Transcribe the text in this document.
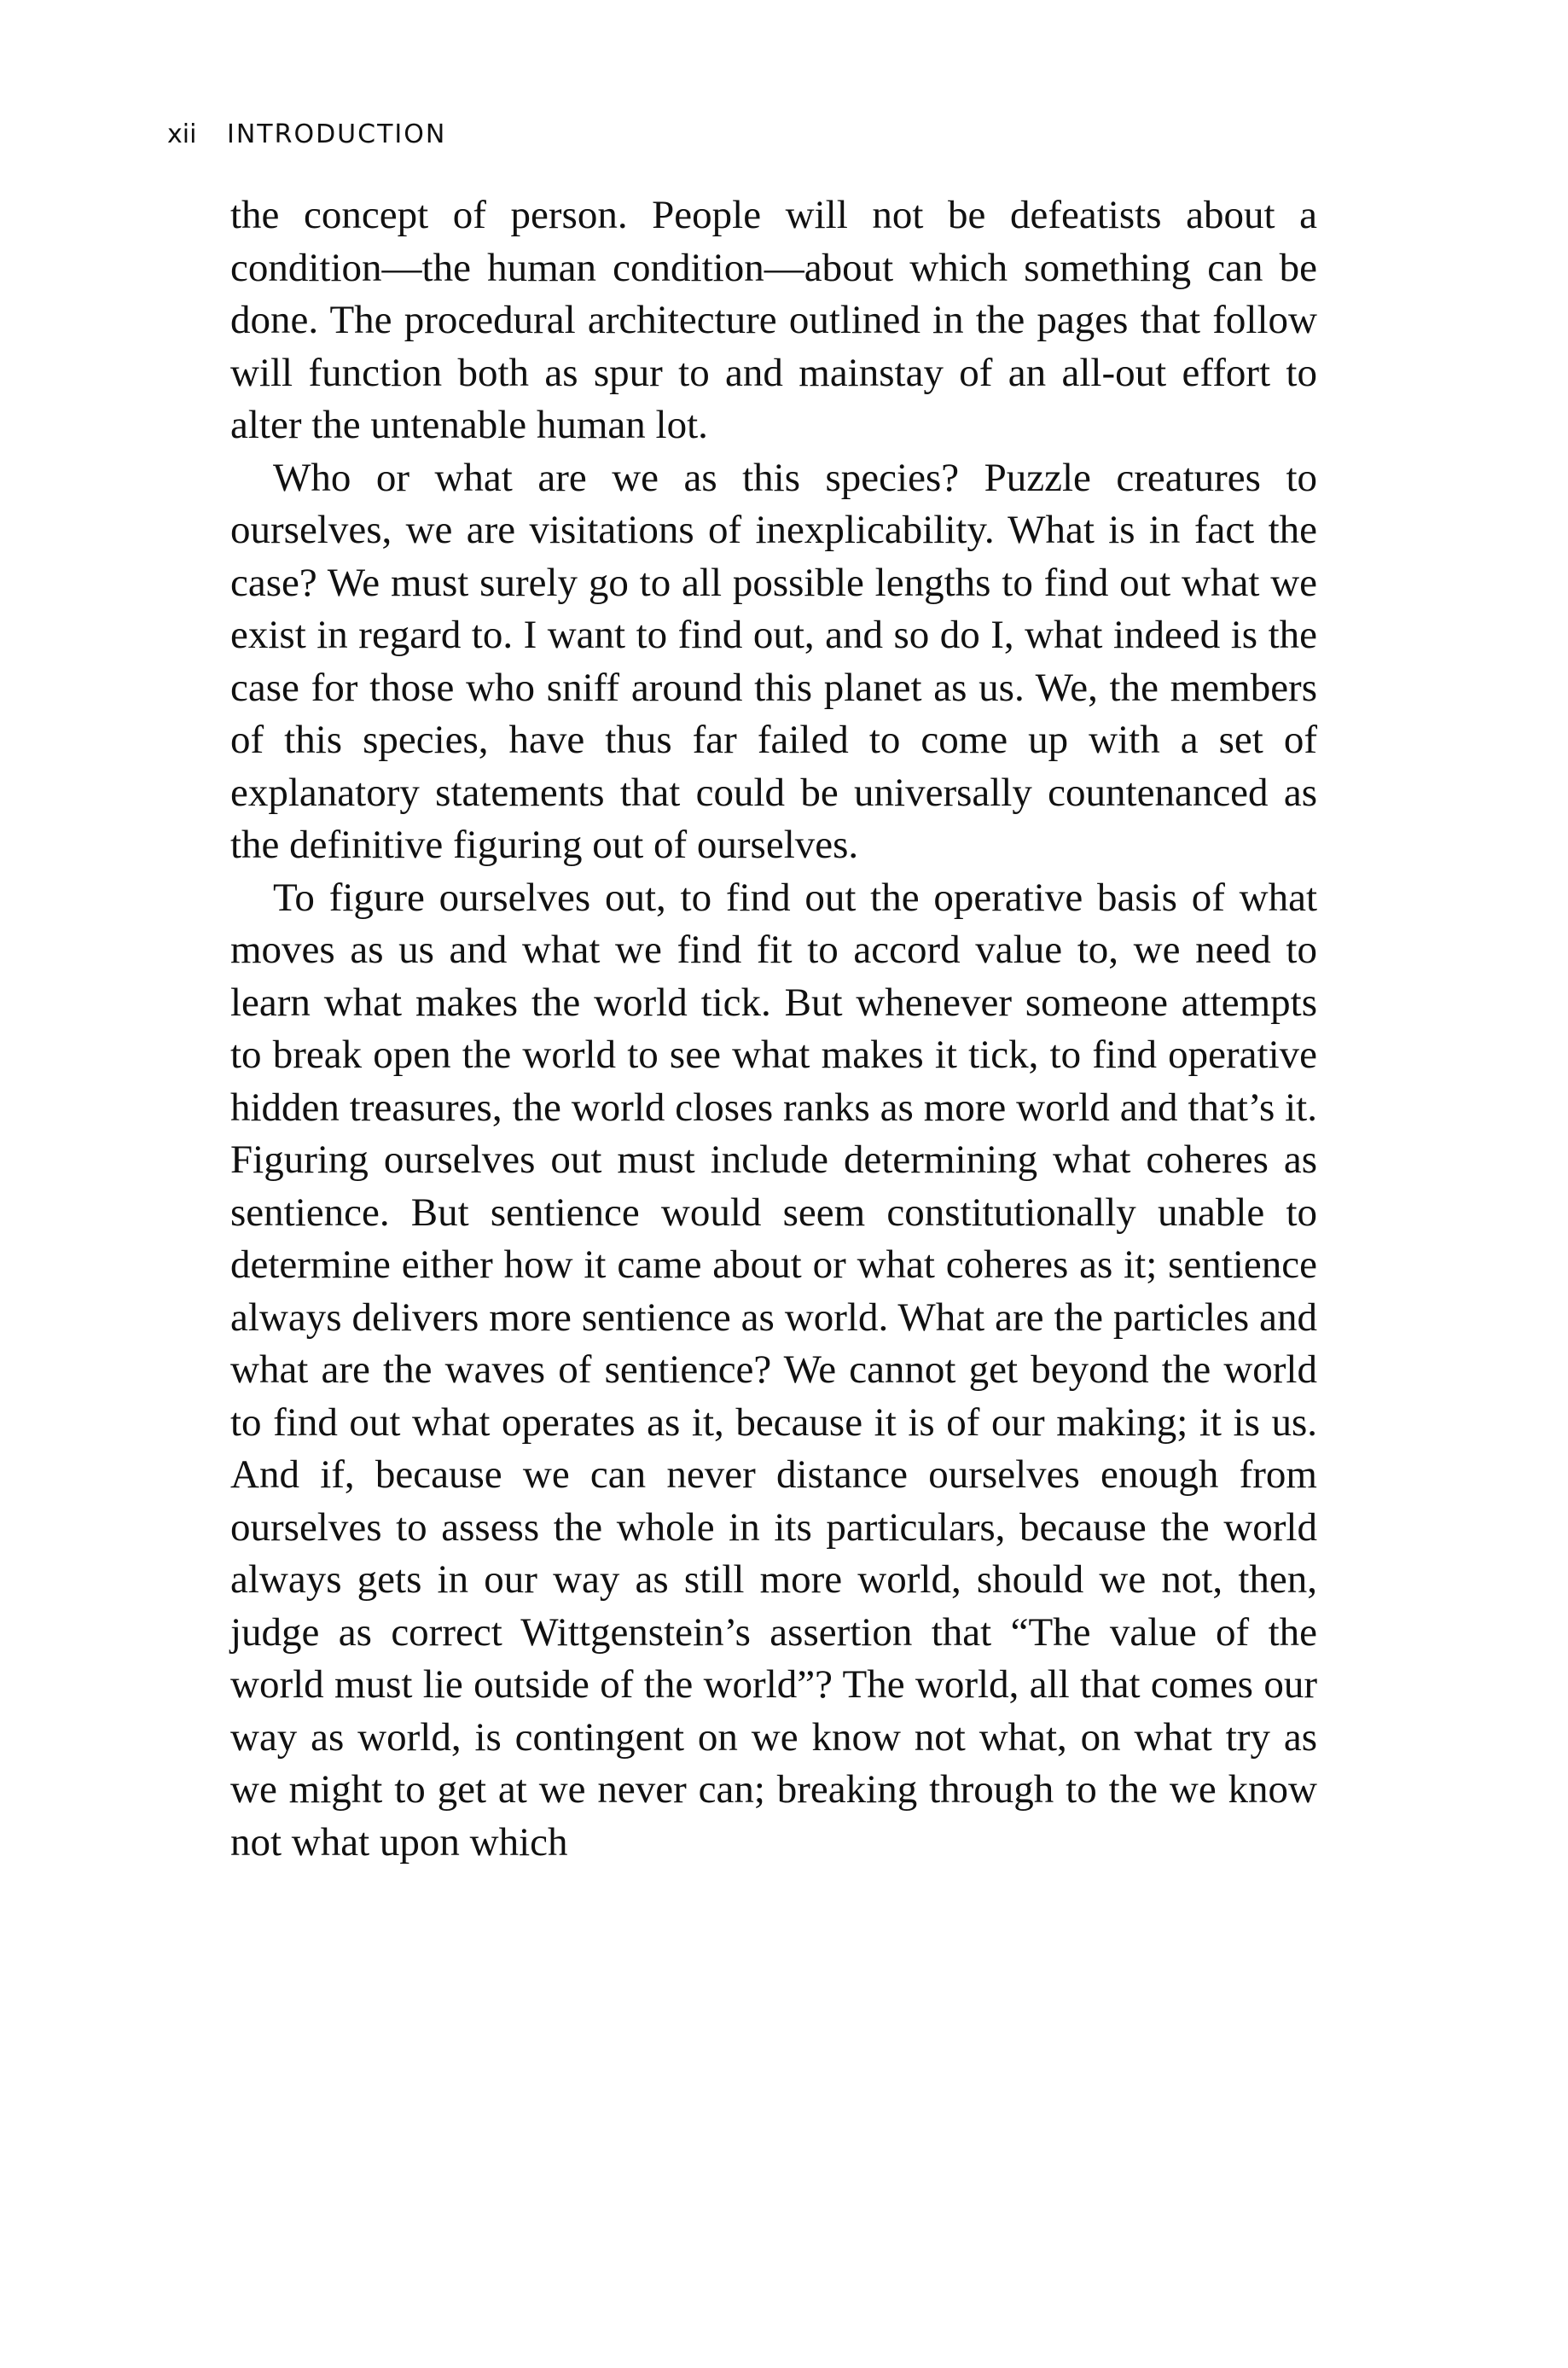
xii INTRODUCTION

the concept of person. People will not be defeatists about a condition—the human condition—about which something can be done. The procedural architecture outlined in the pages that follow will function both as spur to and mainstay of an all-out effort to alter the untenable human lot.

Who or what are we as this species? Puzzle creatures to ourselves, we are visitations of inexplicability. What is in fact the case? We must surely go to all possible lengths to find out what we exist in regard to. I want to find out, and so do I, what indeed is the case for those who sniff around this planet as us. We, the members of this species, have thus far failed to come up with a set of explanatory statements that could be universally countenanced as the definitive figuring out of ourselves.

To figure ourselves out, to find out the operative basis of what moves as us and what we find fit to accord value to, we need to learn what makes the world tick. But whenever someone attempts to break open the world to see what makes it tick, to find operative hidden treasures, the world closes ranks as more world and that’s it. Figuring ourselves out must include determining what coheres as sentience. But sentience would seem constitutionally unable to determine either how it came about or what coheres as it; sentience always delivers more sentience as world. What are the particles and what are the waves of sentience? We cannot get beyond the world to find out what operates as it, because it is of our making; it is us. And if, because we can never distance ourselves enough from ourselves to assess the whole in its particulars, because the world always gets in our way as still more world, should we not, then, judge as correct Wittgenstein’s assertion that “The value of the world must lie outside of the world”? The world, all that comes our way as world, is contingent on we know not what, on what try as we might to get at we never can; breaking through to the we know not what upon which
